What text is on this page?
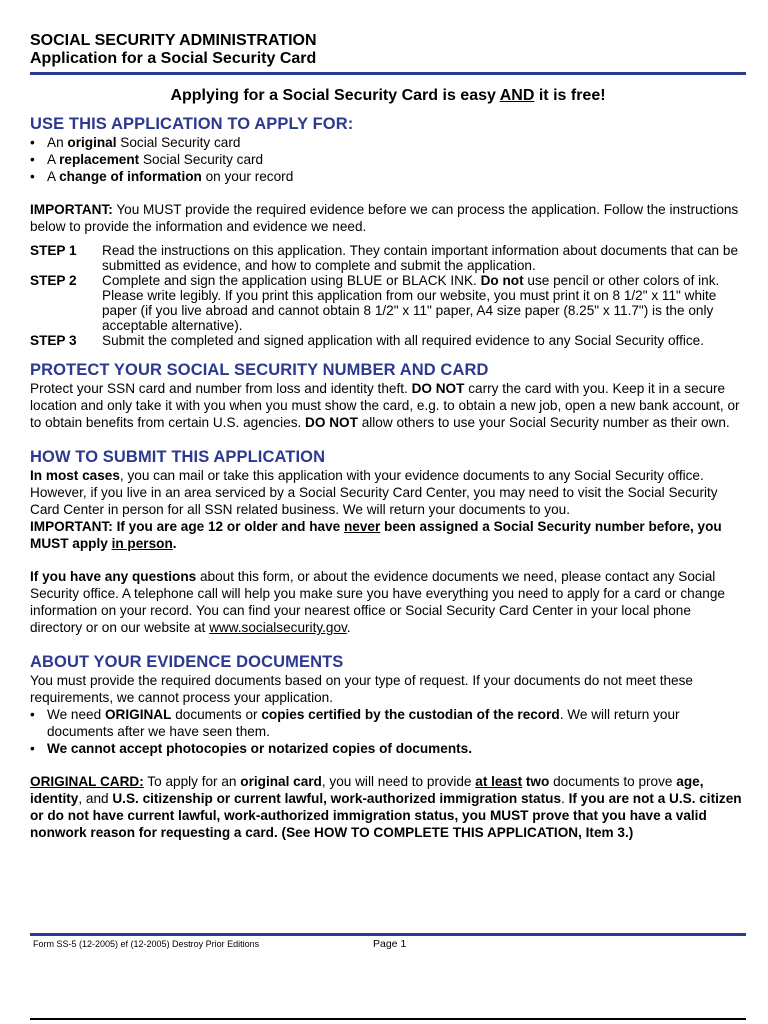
SOCIAL SECURITY ADMINISTRATION
Application for a Social Security Card
Applying for a Social Security Card is easy AND it is free!
USE THIS APPLICATION TO APPLY FOR:
• An original Social Security card
• A replacement Social Security card
• A change of information on your record

IMPORTANT: You MUST provide the required evidence before we can process the application. Follow the instructions below to provide the information and evidence we need.

STEP 1	Read the instructions on this application. They contain important information about documents that can be submitted as evidence, and how to complete and submit the application.
STEP 2	Complete and sign the application using BLUE or BLACK INK. Do not use pencil or other colors of ink. Please write legibly. If you print this application from our website, you must print it on 8 1/2" x 11" white paper (if you live abroad and cannot obtain 8 1/2" x 11" paper, A4 size paper (8.25" x 11.7") is the only acceptable alternative).
STEP 3	Submit the completed and signed application with all required evidence to any Social Security office.
PROTECT YOUR SOCIAL SECURITY NUMBER AND CARD

Protect your SSN card and number from loss and identity theft. DO NOT carry the card with you. Keep it in a secure location and only take it with you when you must show the card, e.g. to obtain a new job, open a new bank account, or to obtain benefits from certain U.S. agencies. DO NOT allow others to use your Social Security number as their own.

HOW TO SUBMIT THIS APPLICATION

In most cases, you can mail or take this application with your evidence documents to any Social Security office. However, if you live in an area serviced by a Social Security Card Center, you may need to visit the Social Security Card Center in person for all SSN related business. We will return your documents to you.

IMPORTANT: If you are age 12 or older and have never been assigned a Social Security number before, you MUST apply in person.

If you have any questions about this form, or about the evidence documents we need, please contact any Social Security office. A telephone call will help you make sure you have everything you need to apply for a card or change information on your record. You can find your nearest office or Social Security Card Center in your local phone directory or on our website at www.socialsecurity.gov.

ABOUT YOUR EVIDENCE DOCUMENTS

You must provide the required documents based on your type of request. If your documents do not meet these requirements, we cannot process your application.

• We need ORIGINAL documents or copies certified by the custodian of the record. We will return your documents after we have seen them.
• We cannot accept photocopies or notarized copies of documents.

ORIGINAL CARD: To apply for an original card, you will need to provide at least two documents to prove age, identity, and U.S. citizenship or current lawful, work-authorized immigration status. If you are not a U.S. citizen or do not have current lawful, work-authorized immigration status, you MUST prove that you have a valid nonwork reason for requesting a card. (See HOW TO COMPLETE THIS APPLICATION, Item 3.)

Form SS-5 (12-2005) ef (12-2005) Destroy Prior Editions	Page 1
